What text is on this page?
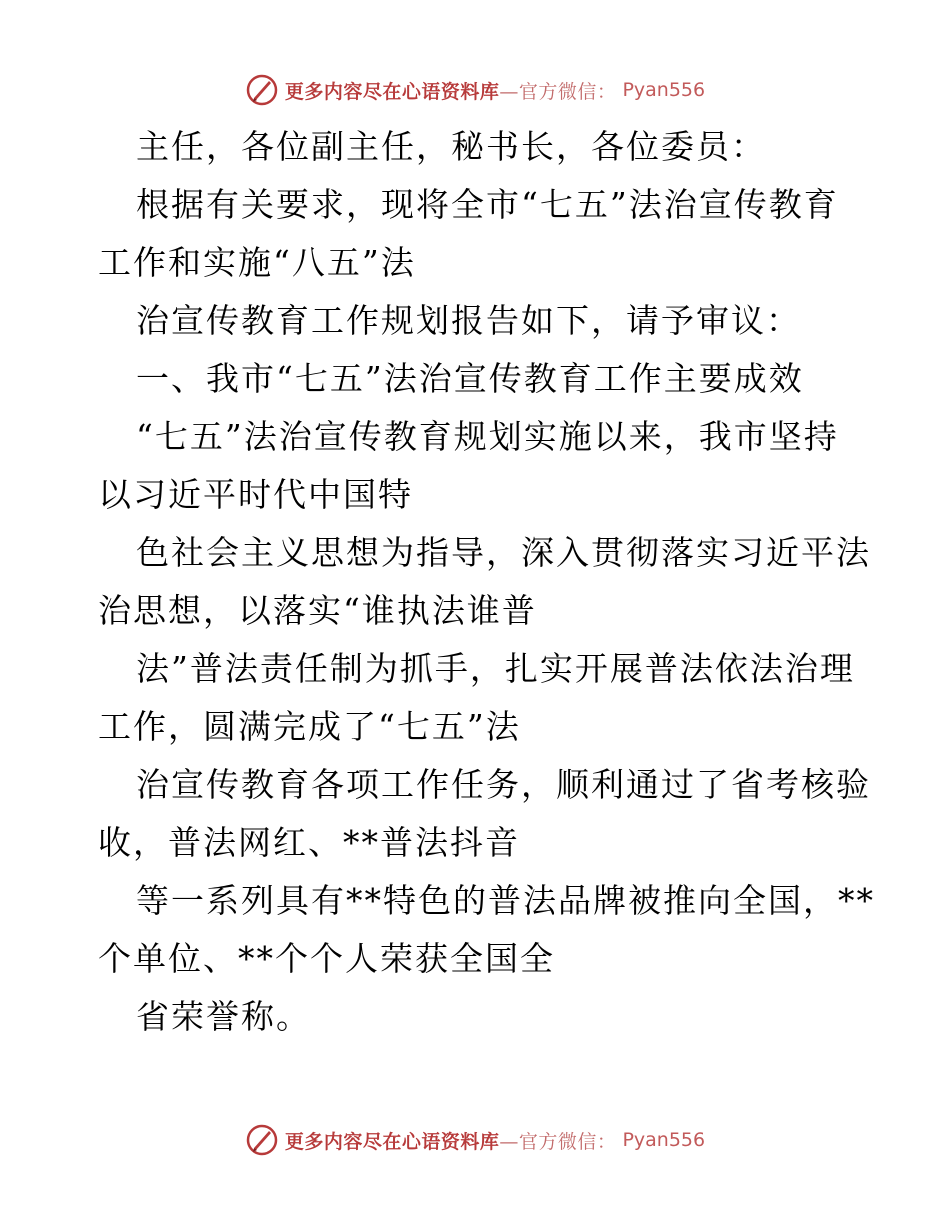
更多内容尽在心语资料库—官方微信： Pyan556
主任，各位副主任，秘书长，各位委员：
根据有关要求，现将全市“七五”法治宣传教育
工作和实施“八五”法
治宣传教育工作规划报告如下，请予审议：
一、我市“七五”法治宣传教育工作主要成效
“七五”法治宣传教育规划实施以来，我市坚持
以习近平时代中国特
色社会主义思想为指导，深入贯彻落实习近平法
治思想，以落实“谁执法谁普
法”普法责任制为抓手，扎实开展普法依法治理
工作，圆满完成了“七五”法
治宣传教育各项工作任务，顺利通过了省考核验
收，普法网红、**普法抖音
等一系列具有**特色的普法品牌被推向全国，**
个单位、**个个人荣获全国全
省荣誉称。
更多内容尽在心语资料库—官方微信： Pyan556
